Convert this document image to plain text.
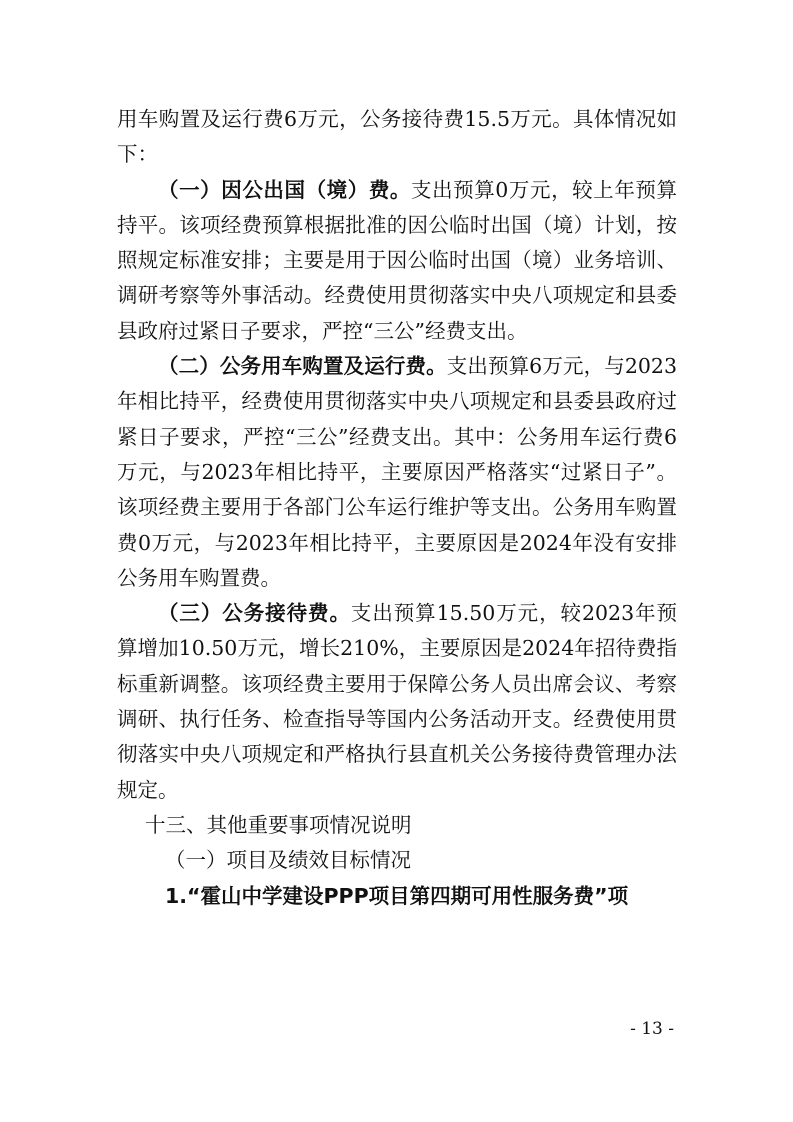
用车购置及运行费6万元，公务接待费15.5万元。具体情况如下：

（一）因公出国（境）费。支出预算0万元，较上年预算持平。该项经费预算根据批准的因公临时出国（境）计划，按照规定标准安排；主要是用于因公临时出国（境）业务培训、调研考察等外事活动。经费使用贯彻落实中央八项规定和县委县政府过紧日子要求，严控“三公”经费支出。

（二）公务用车购置及运行费。支出预算6万元，与2023年相比持平，经费使用贯彻落实中央八项规定和县委县政府过紧日子要求，严控“三公”经费支出。其中：公务用车运行费6万元，与2023年相比持平，主要原因严格落实“过紧日子”。该项经费主要用于各部门公车运行维护等支出。公务用车购置费0万元，与2023年相比持平，主要原因是2024年没有安排公务用车购置费。

（三）公务接待费。支出预算15.50万元，较2023年预算增加10.50万元，增长210%，主要原因是2024年招待费指标重新调整。该项经费主要用于保障公务人员出席会议、考察调研、执行任务、检查指导等国内公务活动开支。经费使用贯彻落实中央八项规定和严格执行县直机关公务接待费管理办法规定。

十三、其他重要事项情况说明

（一）项目及绩效目标情况

1.“霍山中学建设PPP项目第四期可用性服务费”项

- 13 -
